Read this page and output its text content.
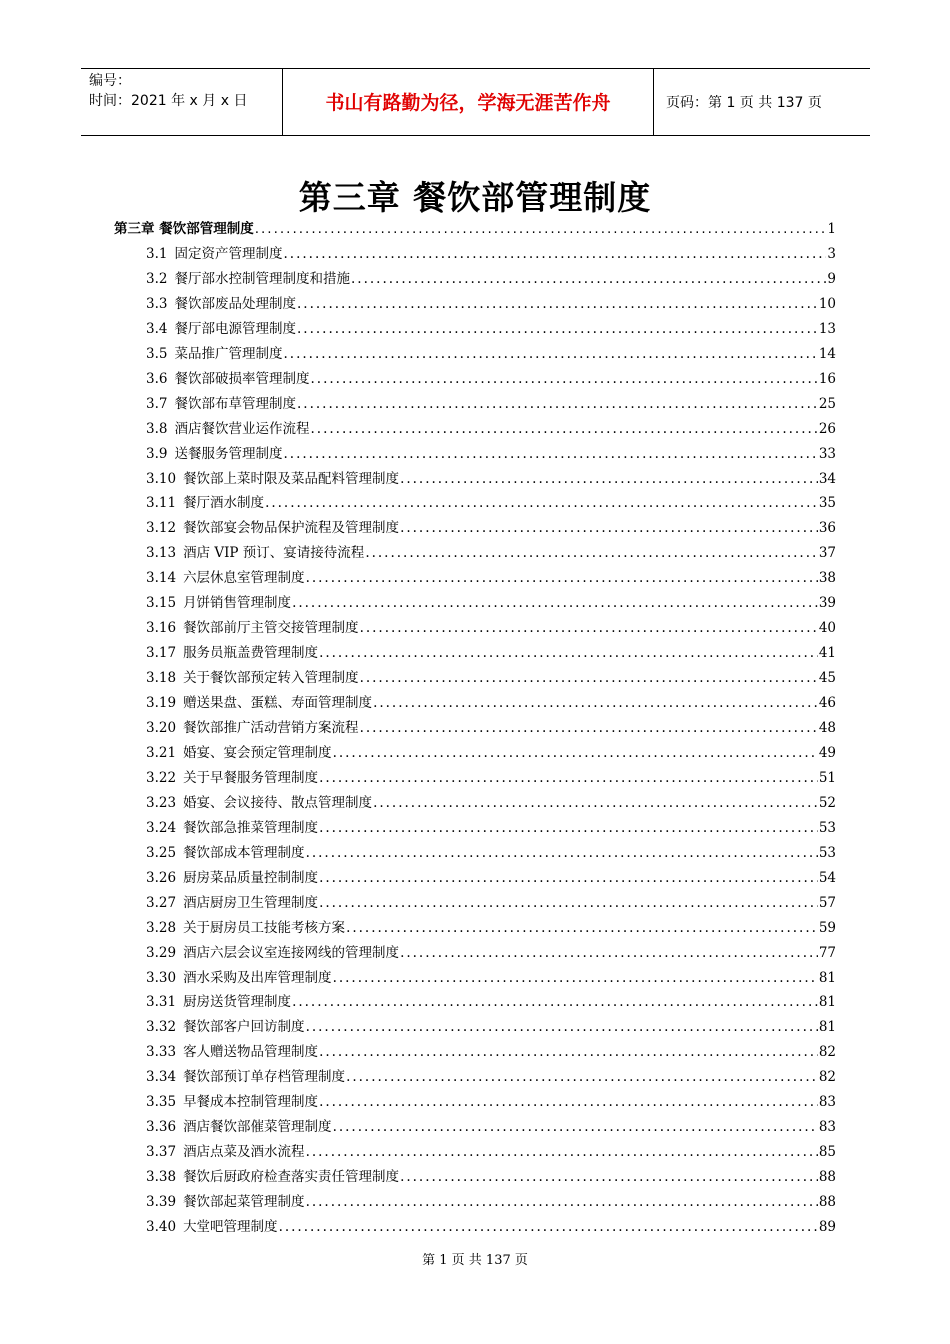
编号：
时间：2021 年 x 月 x 日	书山有路勤为径，学海无涯苦作舟	页码：第 1 页 共 137 页
第三章 餐饮部管理制度
第三章 餐饮部管理制度 .....	1
3.1 固定资产管理制度 .....	3
3.2 餐厅部水控制管理制度和措施 .....	9
3.3 餐饮部废品处理制度 .....	10
3.4 餐厅部电源管理制度 .....	13
3.5 菜品推广管理制度 .....	14
3.6 餐饮部破损率管理制度 .....	16
3.7 餐饮部布草管理制度 .....	25
3.8 酒店餐饮营业运作流程 .....	26
3.9 送餐服务管理制度 .....	33
3.10 餐饮部上菜时限及菜品配料管理制度 .....	34
3.11 餐厅酒水制度 .....	35
3.12 餐饮部宴会物品保护流程及管理制度 .....	36
3.13 酒店 VIP 预订、宴请接待流程 .....	37
3.14 六层休息室管理制度 .....	38
3.15 月饼销售管理制度 .....	39
3.16 餐饮部前厅主管交接管理制度 .....	40
3.17 服务员瓶盖费管理制度 .....	41
3.18 关于餐饮部预定转入管理制度 .....	45
3.19 赠送果盘、蛋糕、寿面管理制度 .....	46
3.20 餐饮部推广活动营销方案流程 .....	48
3.21 婚宴、宴会预定管理制度 .....	49
3.22 关于早餐服务管理制度 .....	51
3.23 婚宴、会议接待、散点管理制度 .....	52
3.24 餐饮部急推菜管理制度 .....	53
3.25 餐饮部成本管理制度 .....	53
3.26 厨房菜品质量控制制度 .....	54
3.27 酒店厨房卫生管理制度 .....	57
3.28 关于厨房员工技能考核方案 .....	59
3.29 酒店六层会议室连接网线的管理制度 .....	77
3.30 酒水采购及出库管理制度 .....	81
3.31 厨房送货管理制度 .....	81
3.32 餐饮部客户回访制度 .....	81
3.33 客人赠送物品管理制度 .....	82
3.34 餐饮部预订单存档管理制度 .....	82
3.35 早餐成本控制管理制度 .....	83
3.36 酒店餐饮部催菜管理制度 .....	83
3.37 酒店点菜及酒水流程 .....	85
3.38 餐饮后厨政府检查落实责任管理制度 .....	88
3.39 餐饮部起菜管理制度 .....	88
3.40 大堂吧管理制度 .....	89
第 1 页 共 137 页
